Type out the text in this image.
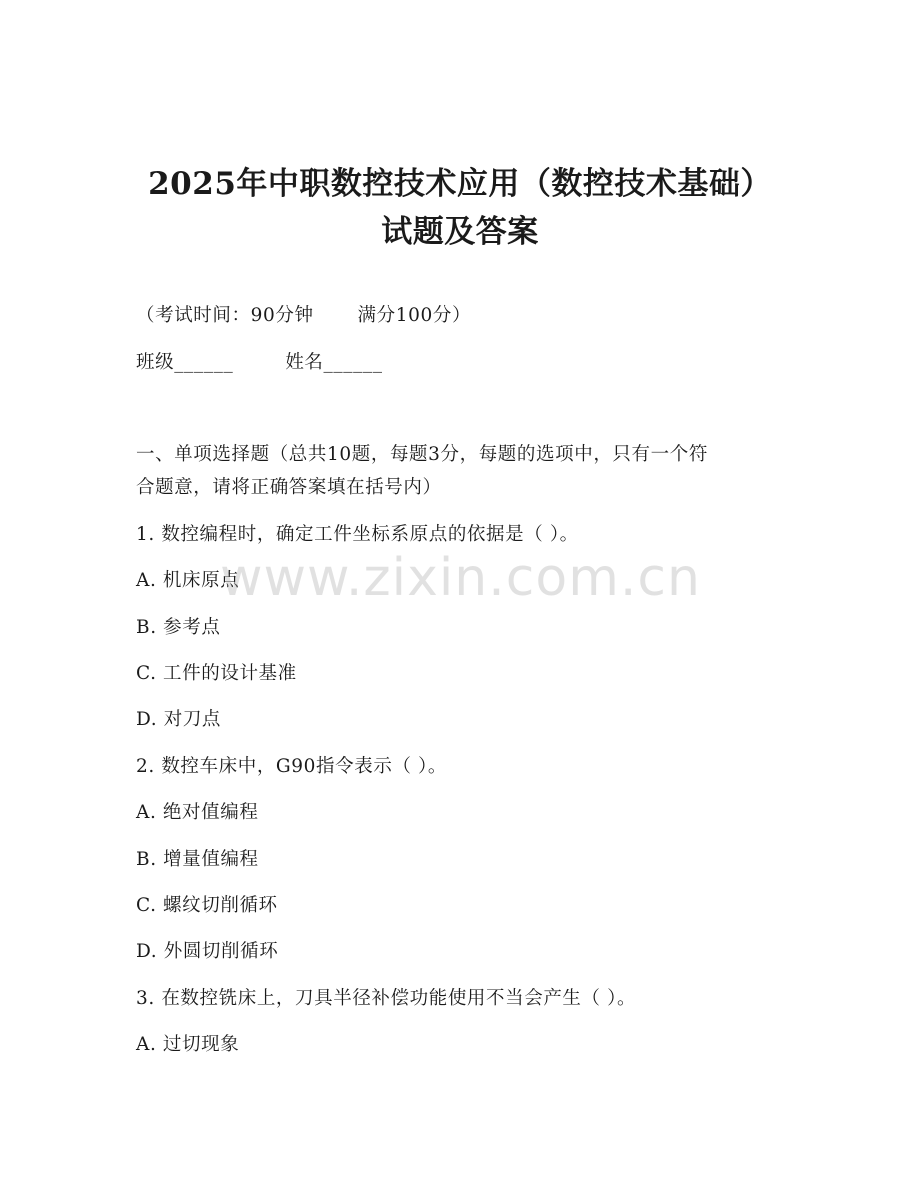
2025年中职数控技术应用（数控技术基础）
试题及答案
（考试时间：90分钟 满分100分）
班级______	姓名______
一、单项选择题（总共10题，每题3分，每题的选项中，只有一个符
合题意，请将正确答案填在括号内）
1. 数控编程时，确定工件坐标系原点的依据是（ ）。
A. 机床原点
B. 参考点
C. 工件的设计基准
D. 对刀点
2. 数控车床中，G90指令表示（ ）。
A. 绝对值编程
B. 增量值编程
C. 螺纹切削循环
D. 外圆切削循环
3. 在数控铣床上，刀具半径补偿功能使用不当会产生（ ）。
A. 过切现象
www.zixin.com.cn
